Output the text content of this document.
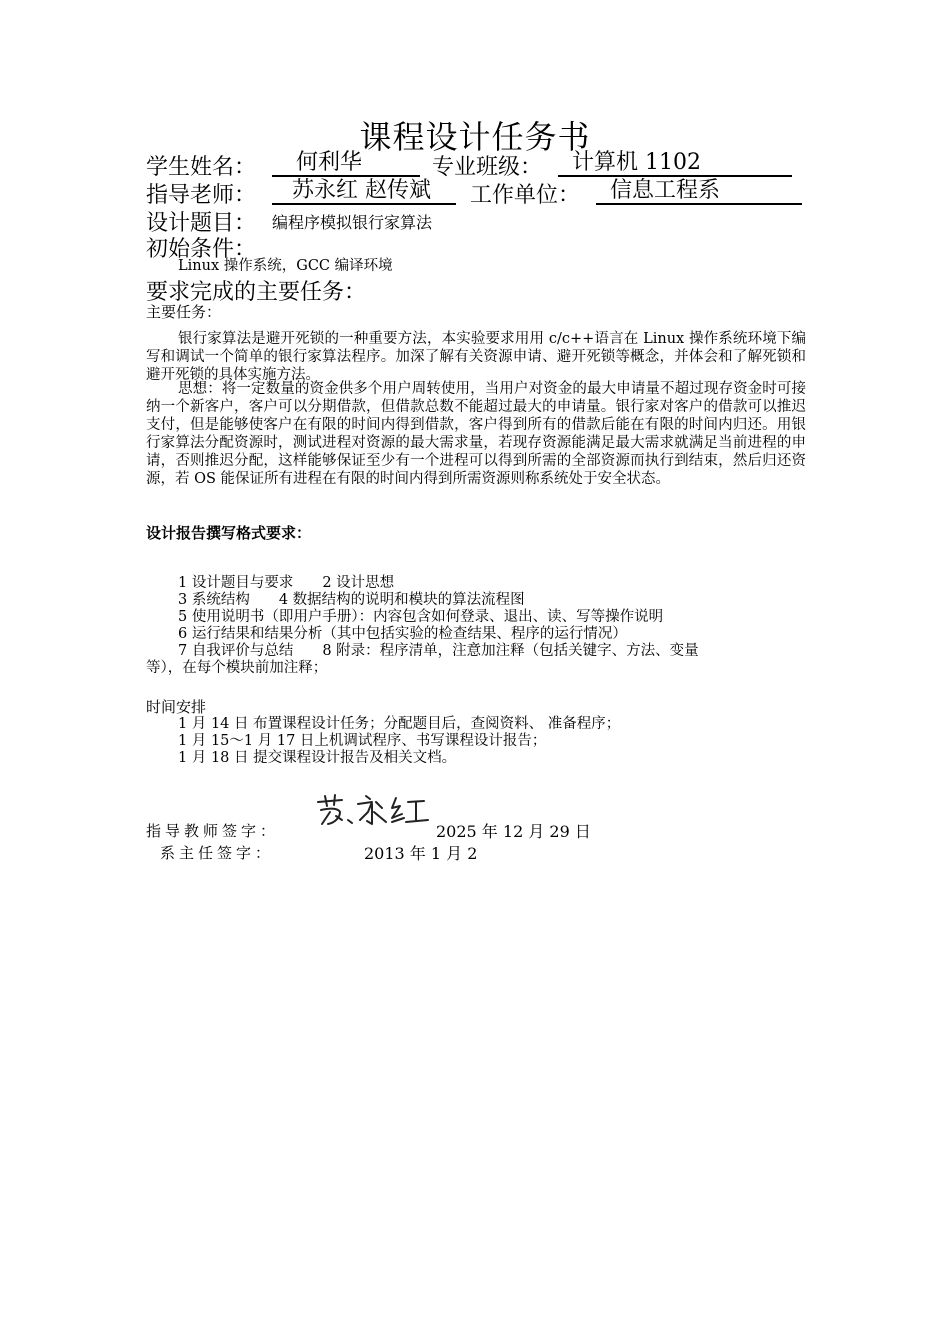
课程设计任务书
学生姓名：	何利华	专业班级：	计算机 1102
指导老师：	苏永红 赵传斌	工作单位：	信息工程系
设计题目： 编程序模拟银行家算法
初始条件：
Linux 操作系统，GCC 编译环境
要求完成的主要任务：
主要任务：

银行家算法是避开死锁的一种重要方法，本实验要求用用 c/c++语言在 Linux 操作系统环境下编写和调试一个简单的银行家算法程序。加深了解有关资源申请、避开死锁等概念，并体会和了解死锁和避开死锁的具体实施方法。

思想：将一定数量的资金供多个用户周转使用，当用户对资金的最大申请量不超过现存资金时可接纳一个新客户，客户可以分期借款，但借款总数不能超过最大的申请量。银行家对客户的借款可以推迟支付，但是能够使客户在有限的时间内得到借款，客户得到所有的借款后能在有限的时间内归还。用银行家算法分配资源时，测试进程对资源的最大需求量，若现存资源能满足最大需求就满足当前进程的申请，否则推迟分配，这样能够保证至少有一个进程可以得到所需的全部资源而执行到结束，然后归还资源，若 OS 能保证所有进程在有限的时间内得到所需资源则称系统处于安全状态。

设计报告撰写格式要求：
1 设计题目与要求　　2 设计思想
3 系统结构　　4 数据结构的说明和模块的算法流程图
5 使用说明书（即用户手册）：内容包含如何登录、退出、读、写等操作说明
6 运行结果和结果分析（其中包括实验的检查结果、程序的运行情况）
7 自我评价与总结　　8 附录：程序清单，注意加注释（包括关键字、方法、变量
等），在每个模块前加注释；
时间安排
1 月 14 日 布置课程设计任务；分配题目后，查阅资料、 准备程序；
1 月 15～1 月 17 日上机调试程序、书写课程设计报告；
1 月 18 日 提交课程设计报告及相关文档。
指导教师签字：	2025 年 12 月 29 日
系主任签字：	2013 年 1 月 2
